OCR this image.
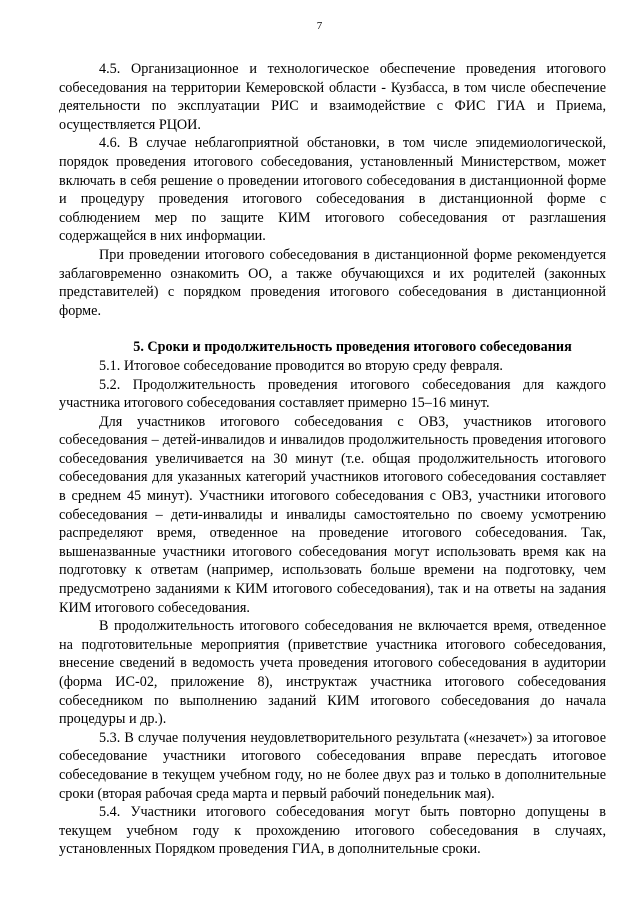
7

4.5. Организационное и технологическое обеспечение проведения итогового собеседования на территории Кемеровской области - Кузбасса, в том числе обеспечение деятельности по эксплуатации РИС и взаимодействие с ФИС ГИА и Приема, осуществляется РЦОИ.

4.6. В случае неблагоприятной обстановки, в том числе эпидемиологической, порядок проведения итогового собеседования, установленный Министерством, может включать в себя решение о проведении итогового собеседования в дистанционной форме и процедуру проведения итогового собеседования в дистанционной форме с соблюдением мер по защите КИМ итогового собеседования от разглашения содержащейся в них информации.

При проведении итогового собеседования в дистанционной форме рекомендуется заблаговременно ознакомить ОО, а также обучающихся и их родителей (законных представителей) с порядком проведения итогового собеседования в дистанционной форме.

5. Сроки и продолжительность проведения итогового собеседования

5.1. Итоговое собеседование проводится во вторую среду февраля.

5.2. Продолжительность проведения итогового собеседования для каждого участника итогового собеседования составляет примерно 15–16 минут.

Для участников итогового собеседования с ОВЗ, участников итогового собеседования – детей-инвалидов и инвалидов продолжительность проведения итогового собеседования увеличивается на 30 минут (т.е. общая продолжительность итогового собеседования для указанных категорий участников итогового собеседования составляет в среднем 45 минут). Участники итогового собеседования с ОВЗ, участники итогового собеседования – дети-инвалиды и инвалиды самостоятельно по своему усмотрению распределяют время, отведенное на проведение итогового собеседования. Так, вышеназванные участники итогового собеседования могут использовать время как на подготовку к ответам (например, использовать больше времени на подготовку, чем предусмотрено заданиями к КИМ итогового собеседования), так и на ответы на задания КИМ итогового собеседования.

В продолжительность итогового собеседования не включается время, отведенное на подготовительные мероприятия (приветствие участника итогового собеседования, внесение сведений в ведомость учета проведения итогового собеседования в аудитории (форма ИС-02, приложение 8), инструктаж участника итогового собеседования собеседником по выполнению заданий КИМ итогового собеседования до начала процедуры и др.).

5.3. В случае получения неудовлетворительного результата («незачет») за итоговое собеседование участники итогового собеседования вправе пересдать итоговое собеседование в текущем учебном году, но не более двух раз и только в дополнительные сроки (вторая рабочая среда марта и первый рабочий понедельник мая).

5.4. Участники итогового собеседования могут быть повторно допущены в текущем учебном году к прохождению итогового собеседования в случаях, установленных Порядком проведения ГИА, в дополнительные сроки.
